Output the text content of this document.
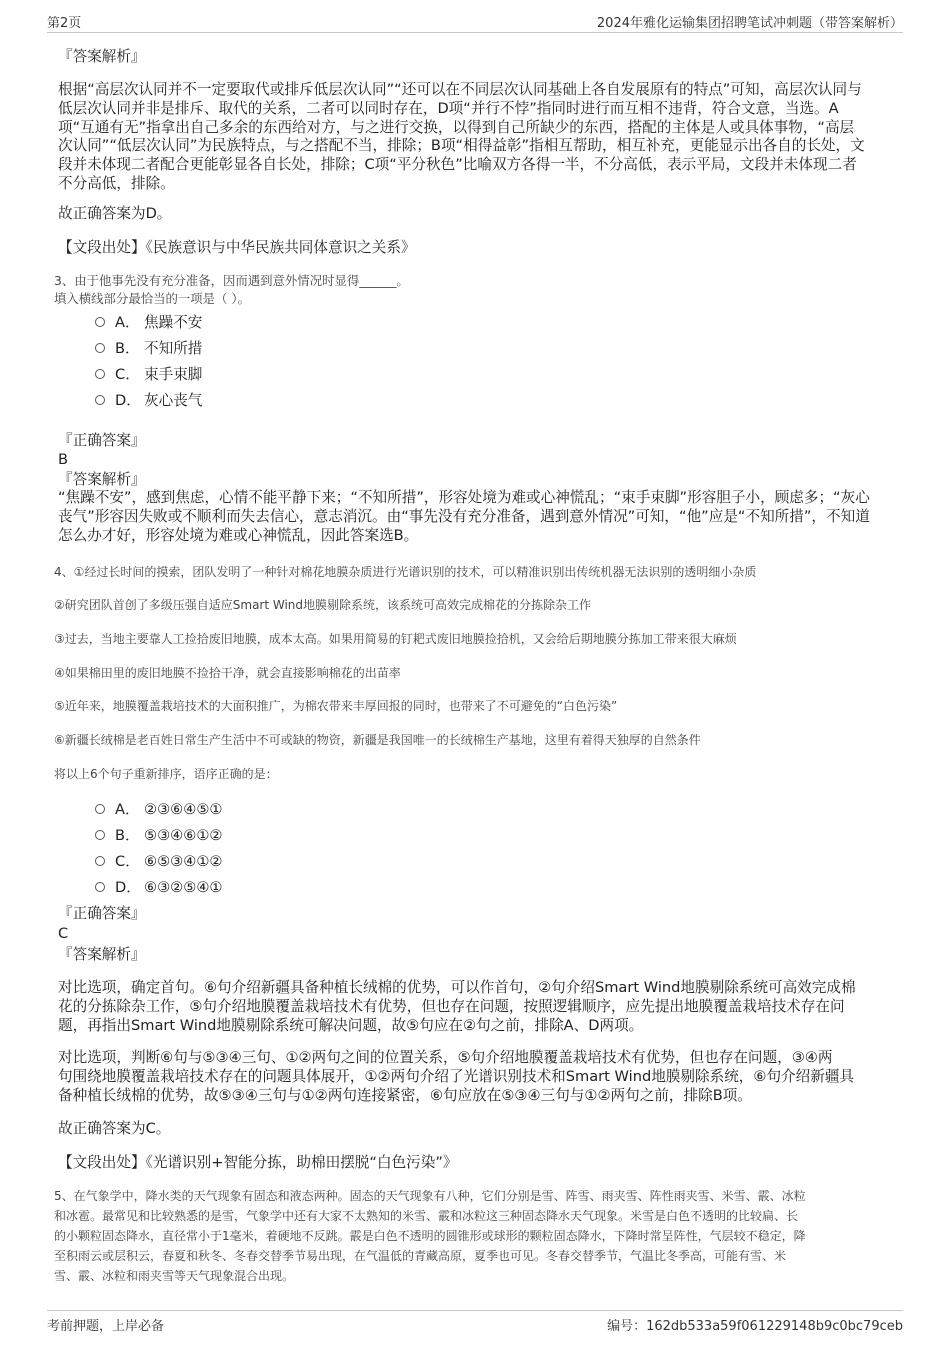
第2页	2024年雅化运输集团招聘笔试冲刺题（带答案解析）
『答案解析』
根据“高层次认同并不一定要取代或排斥低层次认同”“还可以在不同层次认同基础上各自发展原有的特点”可知，高层次认同与
低层次认同并非是排斥、取代的关系，二者可以同时存在，D项“并行不悖”指同时进行而互相不违背，符合文意，当选。A
项“互通有无”指拿出自己多余的东西给对方，与之进行交换，以得到自己所缺少的东西，搭配的主体是人或具体事物，“高层
次认同”“低层次认同”为民族特点，与之搭配不当，排除；B项“相得益彰”指相互帮助，相互补充，更能显示出各自的长处，文
段并未体现二者配合更能彰显各自长处，排除；C项“平分秋色”比喻双方各得一半，不分高低，表示平局，文段并未体现二者
不分高低，排除。
故正确答案为D。
【文段出处】《民族意识与中华民族共同体意识之关系》
3、由于他事先没有充分准备，因而遇到意外情况时显得______。
填入横线部分最恰当的一项是（ ）。
A． 焦躁不安
B． 不知所措
C． 束手束脚
D． 灰心丧气
『正确答案』
B
『答案解析』
“焦躁不安”，感到焦虑，心情不能平静下来；“不知所措”，形容处境为难或心神慌乱；“束手束脚”形容胆子小，顾虑多；“灰心
丧气”形容因失败或不顺利而失去信心，意志消沉。由“事先没有充分准备，遇到意外情况”可知，“他”应是“不知所措”，不知道
怎么办才好，形容处境为难或心神慌乱，因此答案选B。
4、①经过长时间的摸索，团队发明了一种针对棉花地膜杂质进行光谱识别的技术，可以精准识别出传统机器无法识别的透明细小杂质
②研究团队首创了多级压强自适应Smart Wind地膜剔除系统，该系统可高效完成棉花的分拣除杂工作
③过去，当地主要靠人工捡拾废旧地膜，成本太高。如果用简易的钉耙式废旧地膜捡拾机，又会给后期地膜分拣加工带来很大麻烦
④如果棉田里的废旧地膜不捡拾干净，就会直接影响棉花的出苗率
⑤近年来，地膜覆盖栽培技术的大面积推广，为棉农带来丰厚回报的同时，也带来了不可避免的“白色污染”
⑥新疆长绒棉是老百姓日常生产生活中不可或缺的物资，新疆是我国唯一的长绒棉生产基地，这里有着得天独厚的自然条件
将以上6个句子重新排序，语序正确的是：
A． ②③⑥④⑤①
B． ⑤③④⑥①②
C． ⑥⑤③④①②
D． ⑥③②⑤④①
『正确答案』
C
『答案解析』
对比选项，确定首句。⑥句介绍新疆具备种植长绒棉的优势，可以作首句，②句介绍Smart Wind地膜剔除系统可高效完成棉
花的分拣除杂工作，⑤句介绍地膜覆盖栽培技术有优势，但也存在问题，按照逻辑顺序，应先提出地膜覆盖栽培技术存在问
题，再指出Smart Wind地膜剔除系统可解决问题，故⑤句应在②句之前，排除A、D两项。
对比选项，判断⑥句与⑤③④三句、①②两句之间的位置关系，⑤句介绍地膜覆盖栽培技术有优势，但也存在问题，③④两
句围绕地膜覆盖栽培技术存在的问题具体展开，①②两句介绍了光谱识别技术和Smart Wind地膜剔除系统，⑥句介绍新疆具
备种植长绒棉的优势，故⑤③④三句与①②两句连接紧密，⑥句应放在⑤③④三句与①②两句之前，排除B项。
故正确答案为C。
【文段出处】《光谱识别+智能分拣，助棉田摆脱“白色污染”》
5、在气象学中，降水类的天气现象有固态和液态两种。固态的天气现象有八种，它们分别是雪、阵雪、雨夹雪、阵性雨夹雪、米雪、霰、冰粒
和冰雹。最常见和比较熟悉的是雪，气象学中还有大家不太熟知的米雪、霰和冰粒这三种固态降水天气现象。米雪是白色不透明的比较扁、长
的小颗粒固态降水，直径常小于1毫米，着硬地不反跳。霰是白色不透明的圆锥形或球形的颗粒固态降水，下降时常呈阵性，气层较不稳定，降
至积雨云或层积云，春夏和秋冬、冬春交替季节易出现，在气温低的青藏高原，夏季也可见。冬春交替季节，气温比冬季高，可能有雪、米
雪、霰、冰粒和雨夹雪等天气现象混合出现。
考前押题，上岸必备	编号：162db533a59f061229148b9c0bc79ceb
